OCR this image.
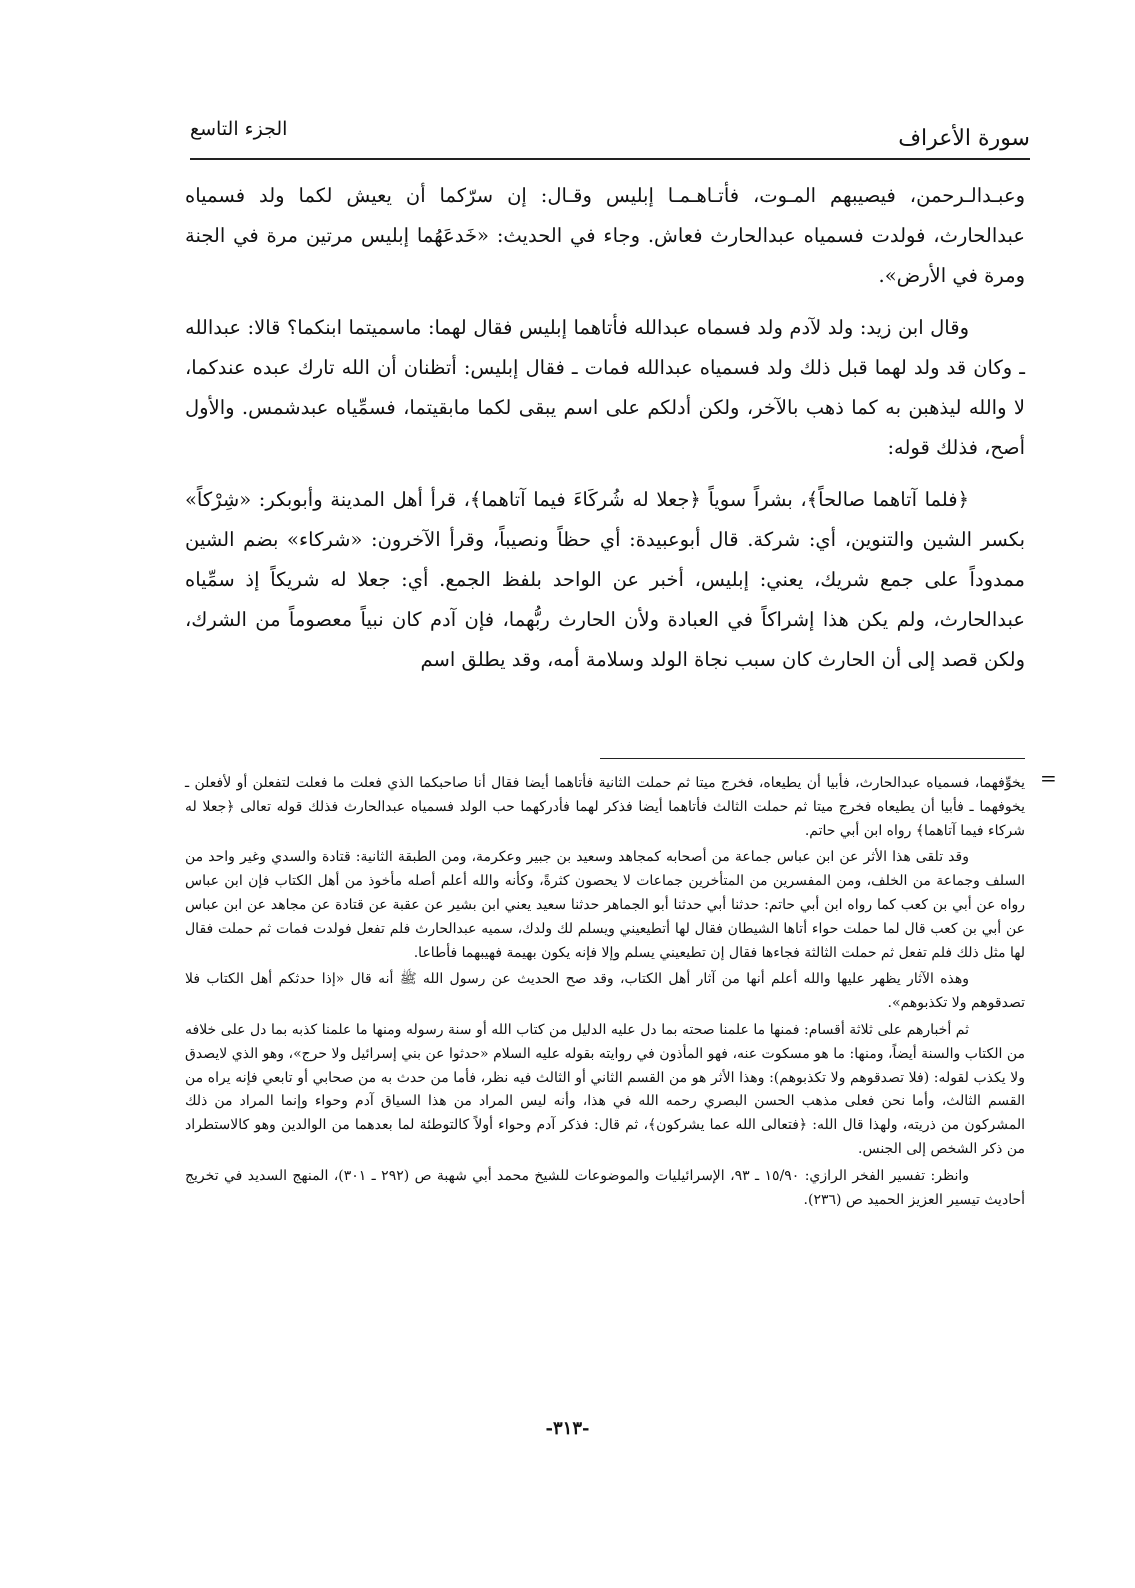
سورة الأعراف
الجزء التاسع

وعبـدالـرحمن، فيصيبهم المـوت، فأتـاهـمـا إبليس وقـال: إن سرّكما أن يعيش لكما ولد فسمياه عبدالحارث، فولدت فسمياه عبدالحارث فعاش. وجاء في الحديث: «خَدعَهُما إبليس مرتين مرة في الجنة ومرة في الأرض».

وقال ابن زيد: ولد لآدم ولد فسماه عبدالله فأتاهما إبليس فقال لهما: ماسميتما ابنكما؟ قالا: عبدالله ـ وكان قد ولد لهما قبل ذلك ولد فسمياه عبدالله فمات ـ فقال إبليس: أتظنان أن الله تارك عبده عندكما، لا والله ليذهبن به كما ذهب بالآخر، ولكن أدلكم على اسم يبقى لكما مابقيتما، فسمِّياه عبدشمس. والأول أصح، فذلك قوله:

﴿فلما آتاهما صالحاً﴾، بشراً سوياً ﴿جعلا له شُركَاءَ فيما آتاهما﴾، قرأ أهل المدينة وأبوبكر: «شِرْكاً» بكسر الشين والتنوين، أي: شركة. قال أبوعبيدة: أي حظاً ونصيباً، وقرأ الآخرون: «شركاء» بضم الشين ممدوداً على جمع شريك، يعني: إبليس، أخبر عن الواحد بلفظ الجمع. أي: جعلا له شريكاً إذ سمِّياه عبدالحارث، ولم يكن هذا إشراكاً في العبادة ولأن الحارث ربُّهما، فإن آدم كان نبياً معصوماً من الشرك، ولكن قصد إلى أن الحارث كان سبب نجاة الولد وسلامة أمه، وقد يطلق اسم

=

يخوِّفهما، فسمياه عبدالحارث، فأبيا أن يطيعاه، فخرج ميتا ثم حملت الثانية فأتاهما أيضا فقال أنا صاحبكما الذي فعلت ما فعلت لتفعلن أو لأفعلن ـ يخوفهما ـ فأبيا أن يطيعاه فخرج ميتا ثم حملت الثالث فأتاهما أيضا فذكر لهما فأدركهما حب الولد فسمياه عبدالحارث فذلك قوله تعالى ﴿جعلا له شركاء فيما آتاهما﴾ رواه ابن أبي حاتم.

وقد تلقى هذا الأثر عن ابن عباس جماعة من أصحابه كمجاهد وسعيد بن جبير وعكرمة، ومن الطبقة الثانية: قتادة والسدي وغير واحد من السلف وجماعة من الخلف، ومن المفسرين من المتأخرين جماعات لا يحصون كثرةً، وكأنه والله أعلم أصله مأخوذ من أهل الكتاب فإن ابن عباس رواه عن أبي بن كعب كما رواه ابن أبي حاتم: حدثنا أبي حدثنا أبو الجماهر حدثنا سعيد يعني ابن بشير عن عقبة عن قتادة عن مجاهد عن ابن عباس عن أبي بن كعب قال لما حملت حواء أتاها الشيطان فقال لها أتطيعيني ويسلم لك ولدك، سميه عبدالحارث فلم تفعل فولدت فمات ثم حملت فقال لها مثل ذلك فلم تفعل ثم حملت الثالثة فجاءها فقال إن تطيعيني يسلم وإلا فإنه يكون بهيمة فهيبهما فأطاعا.

وهذه الآثار يظهر عليها والله أعلم أنها من آثار أهل الكتاب، وقد صح الحديث عن رسول الله ﷺ أنه قال «إذا حدثكم أهل الكتاب فلا تصدقوهم ولا تكذبوهم».

ثم أخبارهم على ثلاثة أقسام: فمنها ما علمنا صحته بما دل عليه الدليل من كتاب الله أو سنة رسوله ومنها ما علمنا كذبه بما دل على خلافه من الكتاب والسنة أيضاً، ومنها: ما هو مسكوت عنه، فهو المأذون في روايته بقوله عليه السلام «حدثوا عن بني إسرائيل ولا حرج»، وهو الذي لايصدق ولا يكذب لقوله: (فلا تصدقوهم ولا تكذبوهم): وهذا الأثر هو من القسم الثاني أو الثالث فيه نظر، فأما من حدث به من صحابي أو تابعي فإنه يراه من القسم الثالث، وأما نحن فعلى مذهب الحسن البصري رحمه الله في هذا، وأنه ليس المراد من هذا السياق آدم وحواء وإنما المراد من ذلك المشركون من ذريته، ولهذا قال الله: ﴿فتعالى الله عما يشركون﴾، ثم قال: فذكر آدم وحواء أولاً كالتوطئة لما بعدهما من الوالدين وهو كالاستطراد من ذكر الشخص إلى الجنس.

وانظر: تفسير الفخر الرازي: ١٥/٩٠ ـ ٩٣، الإسرائيليات والموضوعات للشيخ محمد أبي شهبة ص (٢٩٢ ـ ٣٠١)، المنهج السديد في تخريج أحاديث تيسير العزيز الحميد ص (٢٣٦).

-٣١٣-
